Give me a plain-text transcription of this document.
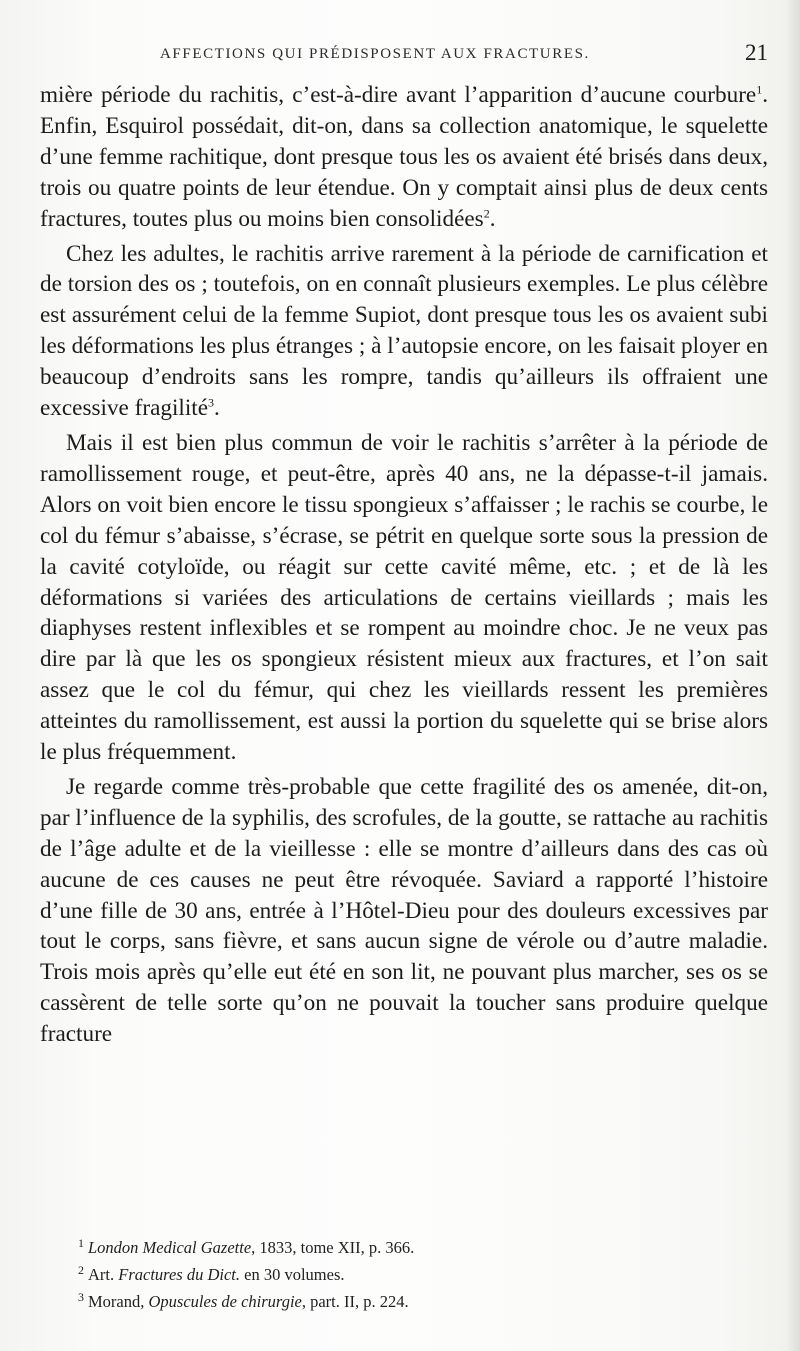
AFFECTIONS QUI PRÉDISPOSENT AUX FRACTURES.	21

mière période du rachitis, c’est-à-dire avant l’apparition d’aucune courbure$^1$. Enfin, Esquirol possédait, dit-on, dans sa collection anatomique, le squelette d’une femme rachitique, dont presque tous les os avaient été brisés dans deux, trois ou quatre points de leur étendue. On y comptait ainsi plus de deux cents fractures, toutes plus ou moins bien consolidées$^2$.

Chez les adultes, le rachitis arrive rarement à la période de carnification et de torsion des os ; toutefois, on en connaît plusieurs exemples. Le plus célèbre est assurément celui de la femme Supiot, dont presque tous les os avaient subi les déformations les plus étranges ; à l’autopsie encore, on les faisait ployer en beaucoup d’endroits sans les rompre, tandis qu’ailleurs ils offraient une excessive fragilité$^3$.

Mais il est bien plus commun de voir le rachitis s’arrêter à la période de ramollissement rouge, et peut-être, après 40 ans, ne la dépasse-t-il jamais. Alors on voit bien encore le tissu spongieux s’affaisser ; le rachis se courbe, le col du fémur s’abaisse, s’écrase, se pétrit en quelque sorte sous la pression de la cavité cotyloïde, ou réagit sur cette cavité même, etc. ; et de là les déformations si variées des articulations de certains vieillards ; mais les diaphyses restent inflexibles et se rompent au moindre choc. Je ne veux pas dire par là que les os spongieux résistent mieux aux fractures, et l’on sait assez que le col du fémur, qui chez les vieillards ressent les premières atteintes du ramollissement, est aussi la portion du squelette qui se brise alors le plus fréquemment.

Je regarde comme très-probable que cette fragilité des os amenée, dit-on, par l’influence de la syphilis, des scrofules, de la goutte, se rattache au rachitis de l’âge adulte et de la vieillesse : elle se montre d’ailleurs dans des cas où aucune de ces causes ne peut être révoquée. Saviard a rapporté l’histoire d’une fille de 30 ans, entrée à l’Hôtel-Dieu pour des douleurs excessives par tout le corps, sans fièvre, et sans aucun signe de vérole ou d’autre maladie. Trois mois après qu’elle eut été en son lit, ne pouvant plus marcher, ses os se cassèrent de telle sorte qu’on ne pouvait la toucher sans produire quelque fracture

$^1$ London Medical Gazette, 1833, tome XII, p. 366.
$^2$ Art. Fractures du Dict. en 30 volumes.
$^3$ Morand, Opuscules de chirurgie, part. II, p. 224.
